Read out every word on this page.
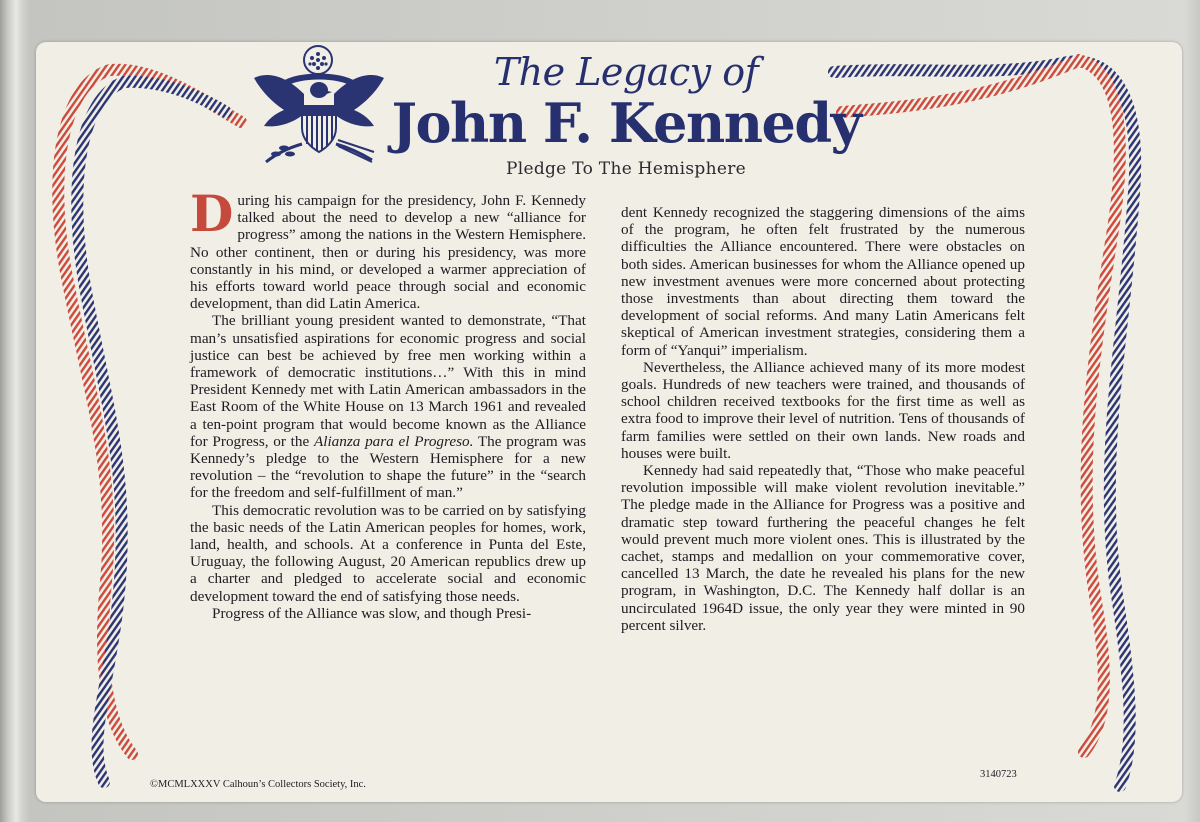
The Legacy of
John F. Kennedy
Pledge To The Hemisphere

During his campaign for the presidency, John F. Kennedy talked about the need to develop a new “alliance for progress” among the nations in the Western Hemisphere. No other continent, then or during his presidency, was more constantly in his mind, or developed a warmer appreciation of his efforts toward world peace through social and economic development, than did Latin America.

The brilliant young president wanted to demonstrate, “That man’s unsatisfied aspirations for economic progress and social justice can best be achieved by free men working within a framework of democratic institutions…” With this in mind President Kennedy met with Latin American ambassadors in the East Room of the White House on 13 March 1961 and revealed a ten-point program that would become known as the Alliance for Progress, or the Alianza para el Progreso. The program was Kennedy’s pledge to the Western Hemisphere for a new revolution – the “revolution to shape the future” in the “search for the freedom and self-fulfillment of man.”

This democratic revolution was to be carried on by satisfying the basic needs of the Latin American peoples for homes, work, land, health, and schools. At a conference in Punta del Este, Uruguay, the following August, 20 American republics drew up a charter and pledged to accelerate social and economic development toward the end of satisfying those needs.

Progress of the Alliance was slow, and though Presi-

dent Kennedy recognized the staggering dimensions of the aims of the program, he often felt frustrated by the numerous difficulties the Alliance encountered. There were obstacles on both sides. American businesses for whom the Alliance opened up new investment avenues were more concerned about protecting those investments than about directing them toward the development of social reforms. And many Latin Americans felt skeptical of American investment strategies, considering them a form of “Yanqui” imperialism.

Nevertheless, the Alliance achieved many of its more modest goals. Hundreds of new teachers were trained, and thousands of school children received textbooks for the first time as well as extra food to improve their level of nutrition. Tens of thousands of farm families were settled on their own lands. New roads and houses were built.

Kennedy had said repeatedly that, “Those who make peaceful revolution impossible will make violent revolution inevitable.” The pledge made in the Alliance for Progress was a positive and dramatic step toward furthering the peaceful changes he felt would prevent much more violent ones. This is illustrated by the cachet, stamps and medallion on your commemorative cover, cancelled 13 March, the date he revealed his plans for the new program, in Washington, D.C. The Kennedy half dollar is an uncirculated 1964D issue, the only year they were minted in 90 percent silver.

©MCMLXXXV Calhoun’s Collectors Society, Inc.
3140723
